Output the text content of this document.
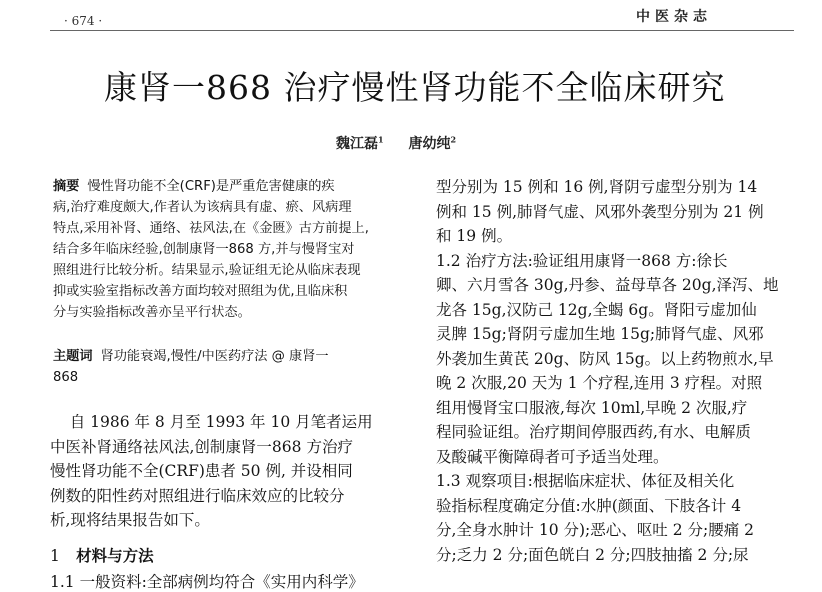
· 674 ·	中医杂志
康肾一868 治疗慢性肾功能不全临床研究
魏江磊$^1$ 唐幼纯$^2$
摘要 慢性肾功能不全(CRF)是严重危害健康的疾
病,治疗难度颇大,作者认为该病具有虚、瘀、风病理
特点,采用补肾、通络、祛风法,在《金匮》古方前提上,
结合多年临床经验,创制康肾一868 方,并与慢肾宝对
照组进行比较分析。结果显示,验证组无论从临床表现
抑或实验室指标改善方面均较对照组为优,且临床积
分与实验指标改善亦呈平行状态。
主题词 肾功能衰竭,慢性/中医药疗法 @ 康肾一
868
自 1986 年 8 月至 1993 年 10 月笔者运用
中医补肾通络祛风法,创制康肾一868 方治疗
慢性肾功能不全(CRF)患者 50 例, 并设相同
例数的阳性药对照组进行临床效应的比较分
析,现将结果报告如下。
1 材料与方法
1.1 一般资料:全部病例均符合《实用内科学》
型分别为 15 例和 16 例,肾阴亏虚型分别为 14
例和 15 例,肺肾气虚、风邪外袭型分别为 21 例
和 19 例。
1.2 治疗方法:验证组用康肾一868 方:徐长
卿、六月雪各 30g,丹参、益母草各 20g,泽泻、地
龙各 15g,汉防己 12g,全蝎 6g。肾阳亏虚加仙
灵脾 15g;肾阴亏虚加生地 15g;肺肾气虚、风邪
外袭加生黄芪 20g、防风 15g。以上药物煎水,早
晚 2 次服,20 天为 1 个疗程,连用 3 疗程。对照
组用慢肾宝口服液,每次 10ml,早晚 2 次服,疗
程同验证组。治疗期间停服西药,有水、电解质
及酸碱平衡障碍者可予适当处理。
1.3 观察项目:根据临床症状、体征及相关化
验指标程度确定分值:水肿(颜面、下肢各计 4
分,全身水肿计 10 分);恶心、呕吐 2 分;腰痛 2
分;乏力 2 分;面色㿠白 2 分;四肢抽搐 2 分;尿
